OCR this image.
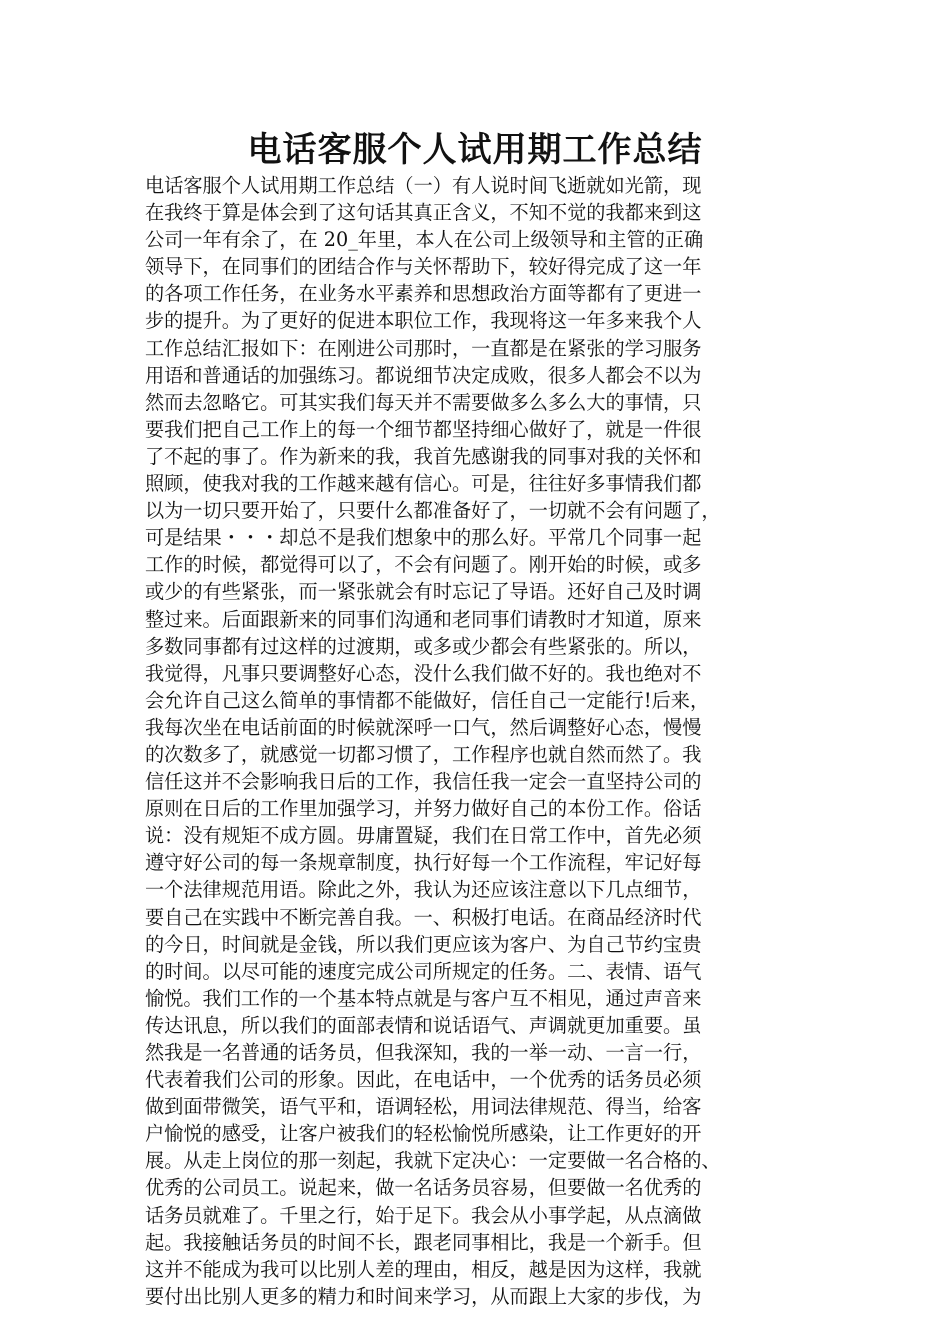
电话客服个人试用期工作总结
电话客服个人试用期工作总结（一）有人说时间飞逝就如光箭，现
在我终于算是体会到了这句话其真正含义，不知不觉的我都来到这
公司一年有余了，在 20_年里，本人在公司上级领导和主管的正确
领导下，在同事们的团结合作与关怀帮助下，较好得完成了这一年
的各项工作任务，在业务水平素养和思想政治方面等都有了更进一
步的提升。为了更好的促进本职位工作，我现将这一年多来我个人
工作总结汇报如下：在刚进公司那时，一直都是在紧张的学习服务
用语和普通话的加强练习。都说细节决定成败，很多人都会不以为
然而去忽略它。可其实我们每天并不需要做多么多么大的事情，只
要我们把自己工作上的每一个细节都坚持细心做好了，就是一件很
了不起的事了。作为新来的我，我首先感谢我的同事对我的关怀和
照顾，使我对我的工作越来越有信心。可是，往往好多事情我们都
以为一切只要开始了，只要什么都准备好了，一切就不会有问题了，
可是结果・・・却总不是我们想象中的那么好。平常几个同事一起
工作的时候，都觉得可以了，不会有问题了。刚开始的时候，或多
或少的有些紧张，而一紧张就会有时忘记了导语。还好自己及时调
整过来。后面跟新来的同事们沟通和老同事们请教时才知道，原来
多数同事都有过这样的过渡期，或多或少都会有些紧张的。所以，
我觉得，凡事只要调整好心态，没什么我们做不好的。我也绝对不
会允许自己这么简单的事情都不能做好，信任自己一定能行!后来，
我每次坐在电话前面的时候就深呼一口气，然后调整好心态，慢慢
的次数多了，就感觉一切都习惯了，工作程序也就自然而然了。我
信任这并不会影响我日后的工作，我信任我一定会一直坚持公司的
原则在日后的工作里加强学习，并努力做好自己的本份工作。俗话
说：没有规矩不成方圆。毋庸置疑，我们在日常工作中，首先必须
遵守好公司的每一条规章制度，执行好每一个工作流程，牢记好每
一个法律规范用语。除此之外，我认为还应该注意以下几点细节，
要自己在实践中不断完善自我。一、积极打电话。在商品经济时代
的今日，时间就是金钱，所以我们更应该为客户、为自己节约宝贵
的时间。以尽可能的速度完成公司所规定的任务。二、表情、语气
愉悦。我们工作的一个基本特点就是与客户互不相见，通过声音来
传达讯息，所以我们的面部表情和说话语气、声调就更加重要。虽
然我是一名普通的话务员，但我深知，我的一举一动、一言一行，
代表着我们公司的形象。因此，在电话中，一个优秀的话务员必须
做到面带微笑，语气平和，语调轻松，用词法律规范、得当，给客
户愉悦的感受，让客户被我们的轻松愉悦所感染，让工作更好的开
展。从走上岗位的那一刻起，我就下定决心：一定要做一名合格的、
优秀的公司员工。说起来，做一名话务员容易，但要做一名优秀的
话务员就难了。千里之行，始于足下。我会从小事学起，从点滴做
起。我接触话务员的时间不长，跟老同事相比，我是一个新手。但
这并不能成为我可以比别人差的理由，相反，越是因为这样，我就
要付出比别人更多的精力和时间来学习，从而跟上大家的步伐，为
